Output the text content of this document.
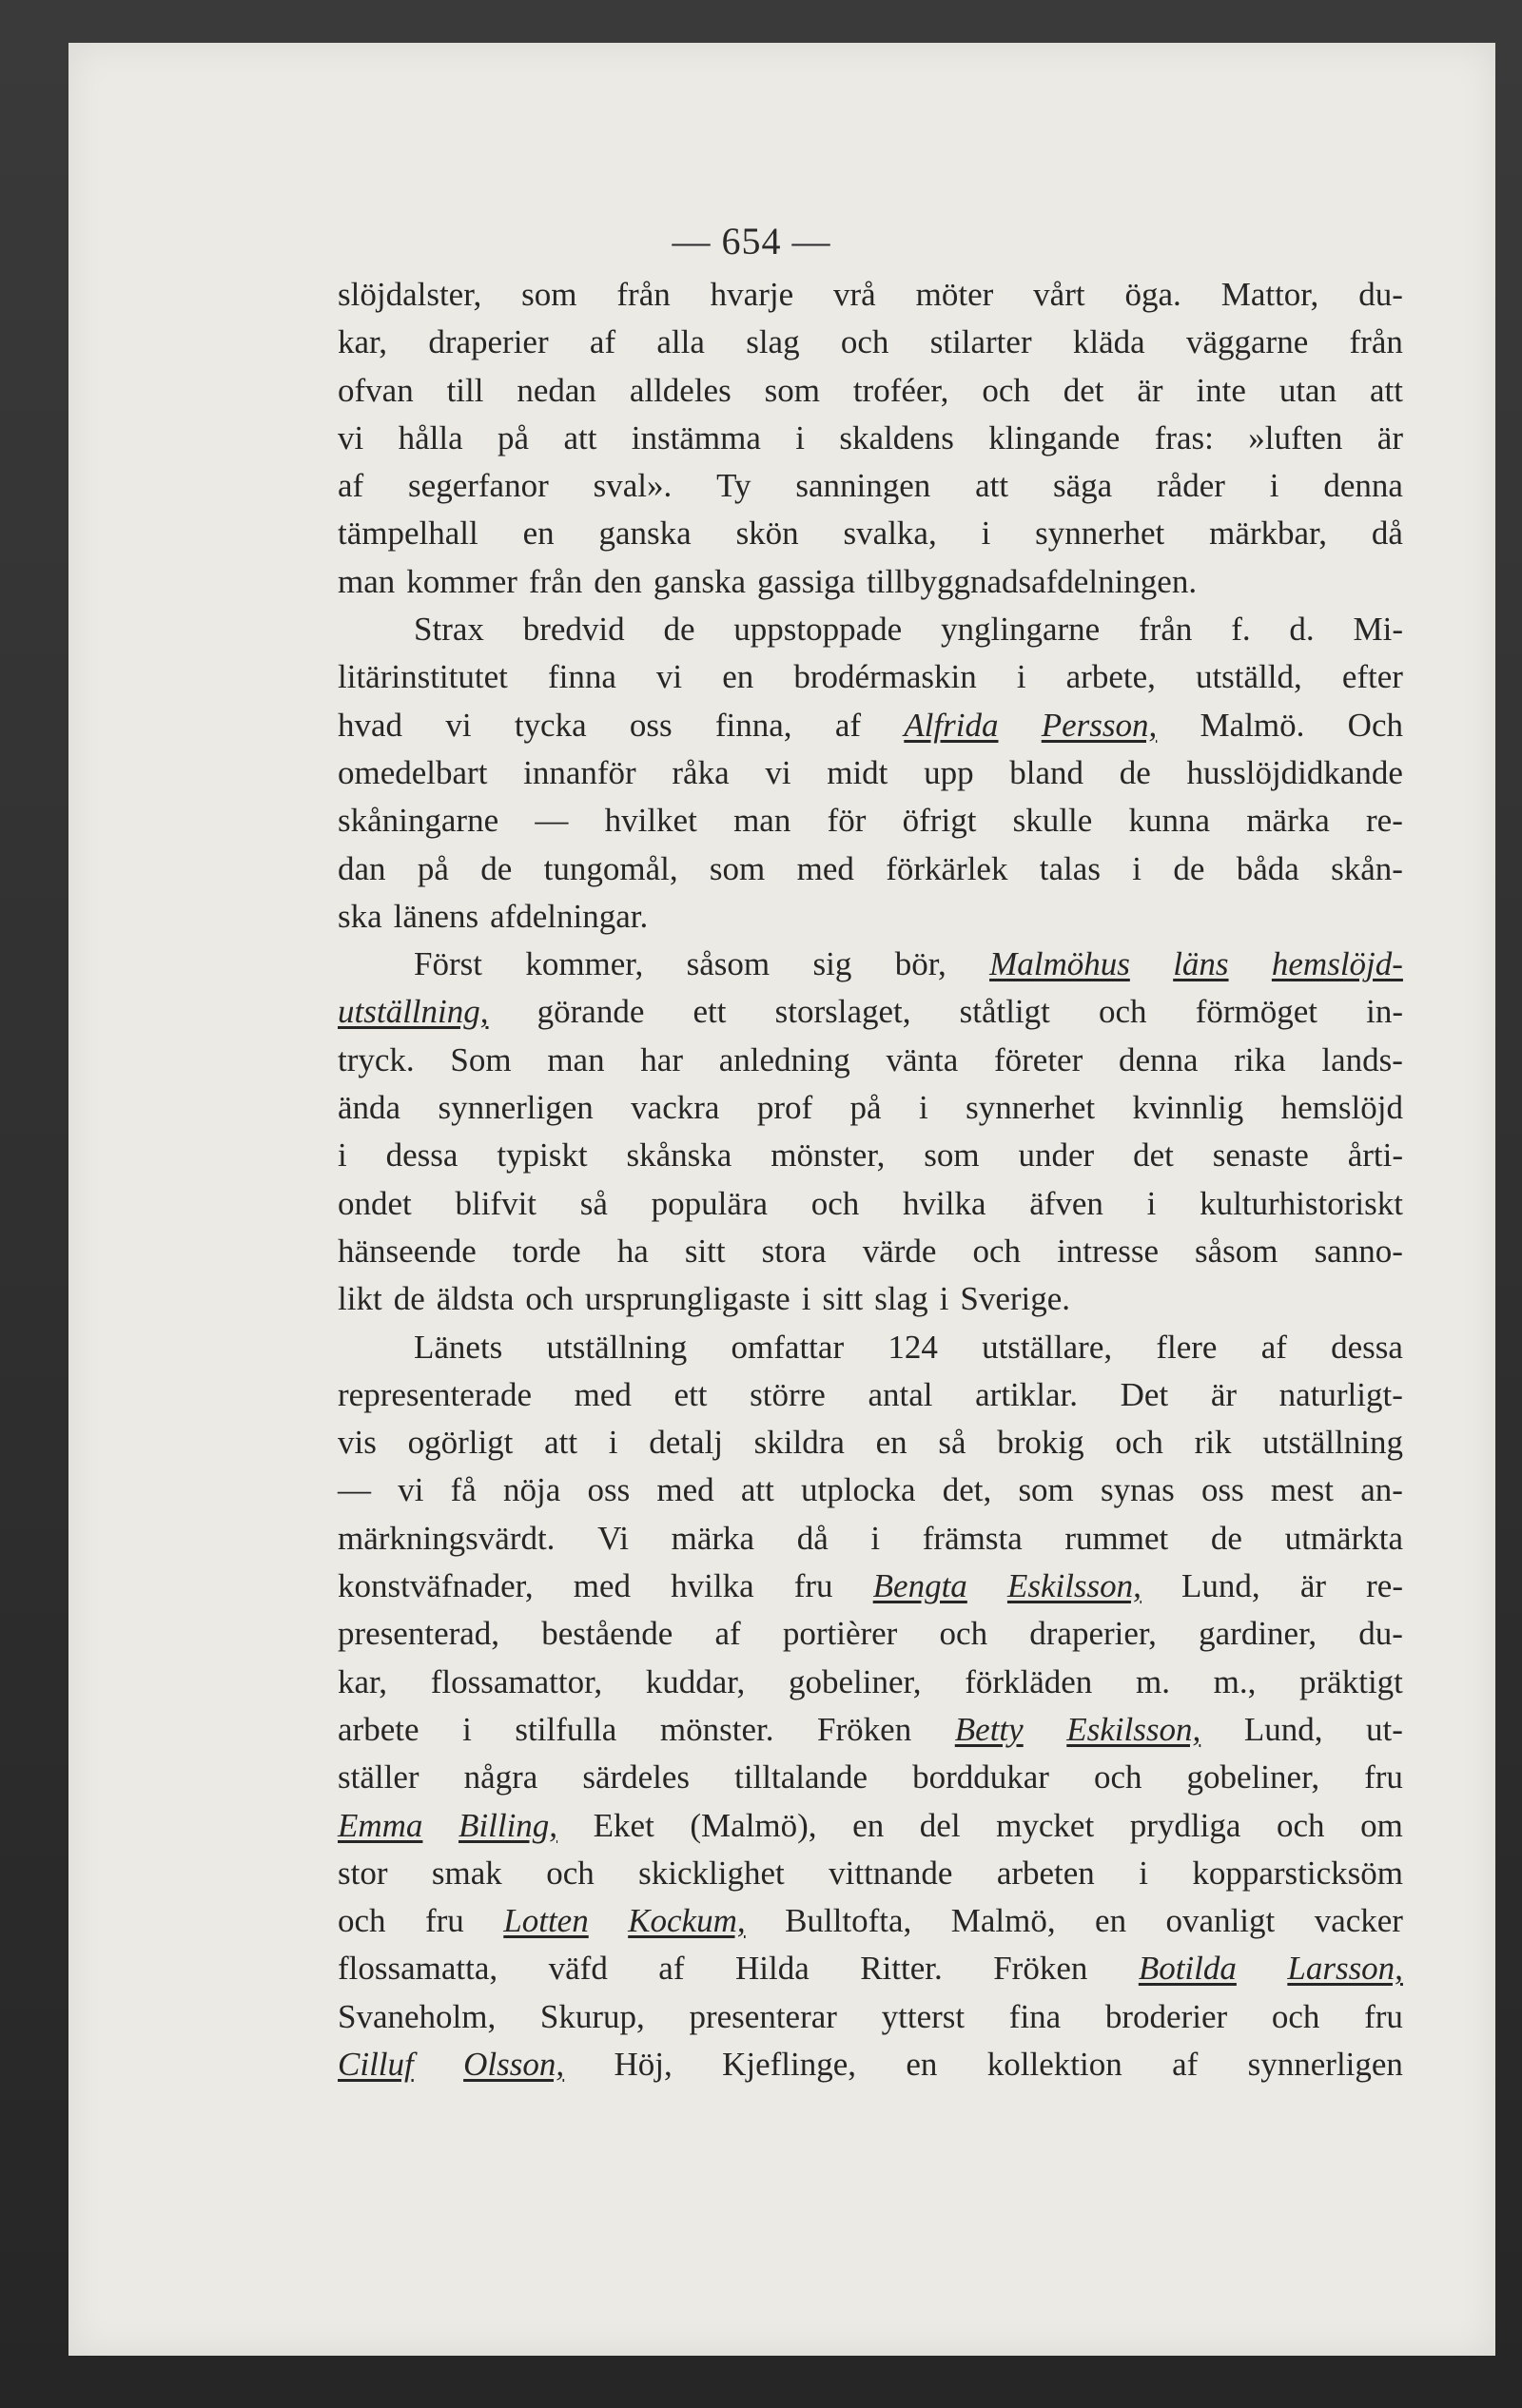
— 654 —
slöjdalster, som från hvarje vrå möter vårt öga. Mattor, du-
kar, draperier af alla slag och stilarter kläda väggarne från
ofvan till nedan alldeles som troféer, och det är inte utan att
vi hålla på att instämma i skaldens klingande fras: »luften är
af segerfanor sval». Ty sanningen att säga råder i denna
tämpelhall en ganska skön svalka, i synnerhet märkbar, då
man kommer från den ganska gassiga tillbyggnadsafdelningen.
Strax bredvid de uppstoppade ynglingarne från f. d. Mi-
litärinstitutet finna vi en brodérmaskin i arbete, utställd, efter
hvad vi tycka oss finna, af Alfrida Persson, Malmö. Och
omedelbart innanför råka vi midt upp bland de husslöjdidkande
skåningarne — hvilket man för öfrigt skulle kunna märka re-
dan på de tungomål, som med förkärlek talas i de båda skån-
ska länens afdelningar.
Först kommer, såsom sig bör, Malmöhus läns hemslöjd-
utställning, görande ett storslaget, ståtligt och förmöget in-
tryck. Som man har anledning vänta företer denna rika lands-
ända synnerligen vackra prof på i synnerhet kvinnlig hemslöjd
i dessa typiskt skånska mönster, som under det senaste årti-
ondet blifvit så populära och hvilka äfven i kulturhistoriskt
hänseende torde ha sitt stora värde och intresse såsom sanno-
likt de äldsta och ursprungligaste i sitt slag i Sverige.
Länets utställning omfattar 124 utställare, flere af dessa
representerade med ett större antal artiklar. Det är naturligt-
vis ogörligt att i detalj skildra en så brokig och rik utställning
— vi få nöja oss med att utplocka det, som synas oss mest an-
märkningsvärdt. Vi märka då i främsta rummet de utmärkta
konstväfnader, med hvilka fru Bengta Eskilsson, Lund, är re-
presenterad, bestående af portièrer och draperier, gardiner, du-
kar, flossamattor, kuddar, gobeliner, förkläden m. m., präktigt
arbete i stilfulla mönster. Fröken Betty Eskilsson, Lund, ut-
ställer några särdeles tilltalande borddukar och gobeliner, fru
Emma Billing, Eket (Malmö), en del mycket prydliga och om
stor smak och skicklighet vittnande arbeten i kopparsticksöm
och fru Lotten Kockum, Bulltofta, Malmö, en ovanligt vacker
flossamatta, väfd af Hilda Ritter. Fröken Botilda Larsson,
Svaneholm, Skurup, presenterar ytterst fina broderier och fru
Cilluf Olsson, Höj, Kjeflinge, en kollektion af synnerligen
